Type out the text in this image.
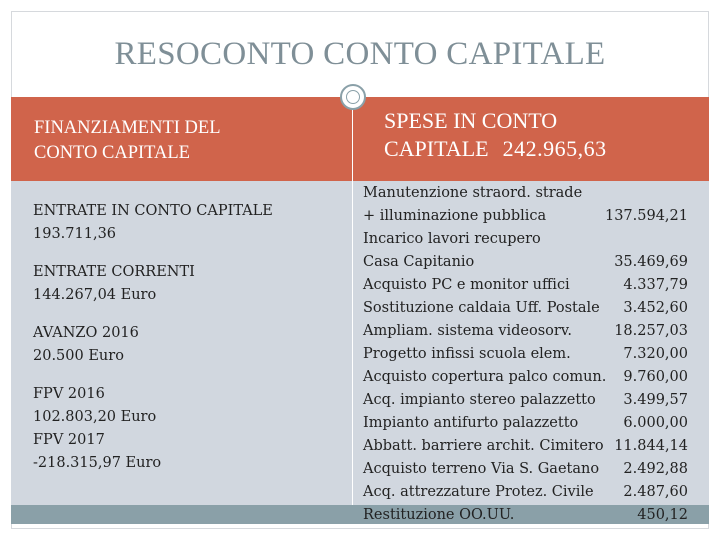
RESOCONTO CONTO CAPITALE
FINANZIAMENTI DEL
CONTO CAPITALE
SPESE IN CONTO
CAPITALE 242.965,63
ENTRATE IN CONTO CAPITALE
193.711,36
ENTRATE CORRENTI
144.267,04 Euro
AVANZO 2016
20.500 Euro
FPV 2016
102.803,20 Euro
FPV 2017
-218.315,97 Euro
Manutenzione straord. strade
+ illuminazione pubblica	137.594,21
Incarico lavori recupero
Casa Capitanio	35.469,69
Acquisto PC e monitor uffici	4.337,79
Sostituzione caldaia Uff. Postale 3.452,60
Ampliam. sistema videosorv.	18.257,03
Progetto infissi scuola elem.	7.320,00
Acquisto copertura palco comun. 9.760,00
Acq. impianto stereo palazzetto 3.499,57
Impianto antifurto palazzetto	6.000,00
Abbatt. barriere archit. Cimitero 11.844,14
Acquisto terreno Via S. Gaetano 2.492,88
Acq. attrezzature Protez. Civile 2.487,60
Restituzione OO.UU.	450,12
